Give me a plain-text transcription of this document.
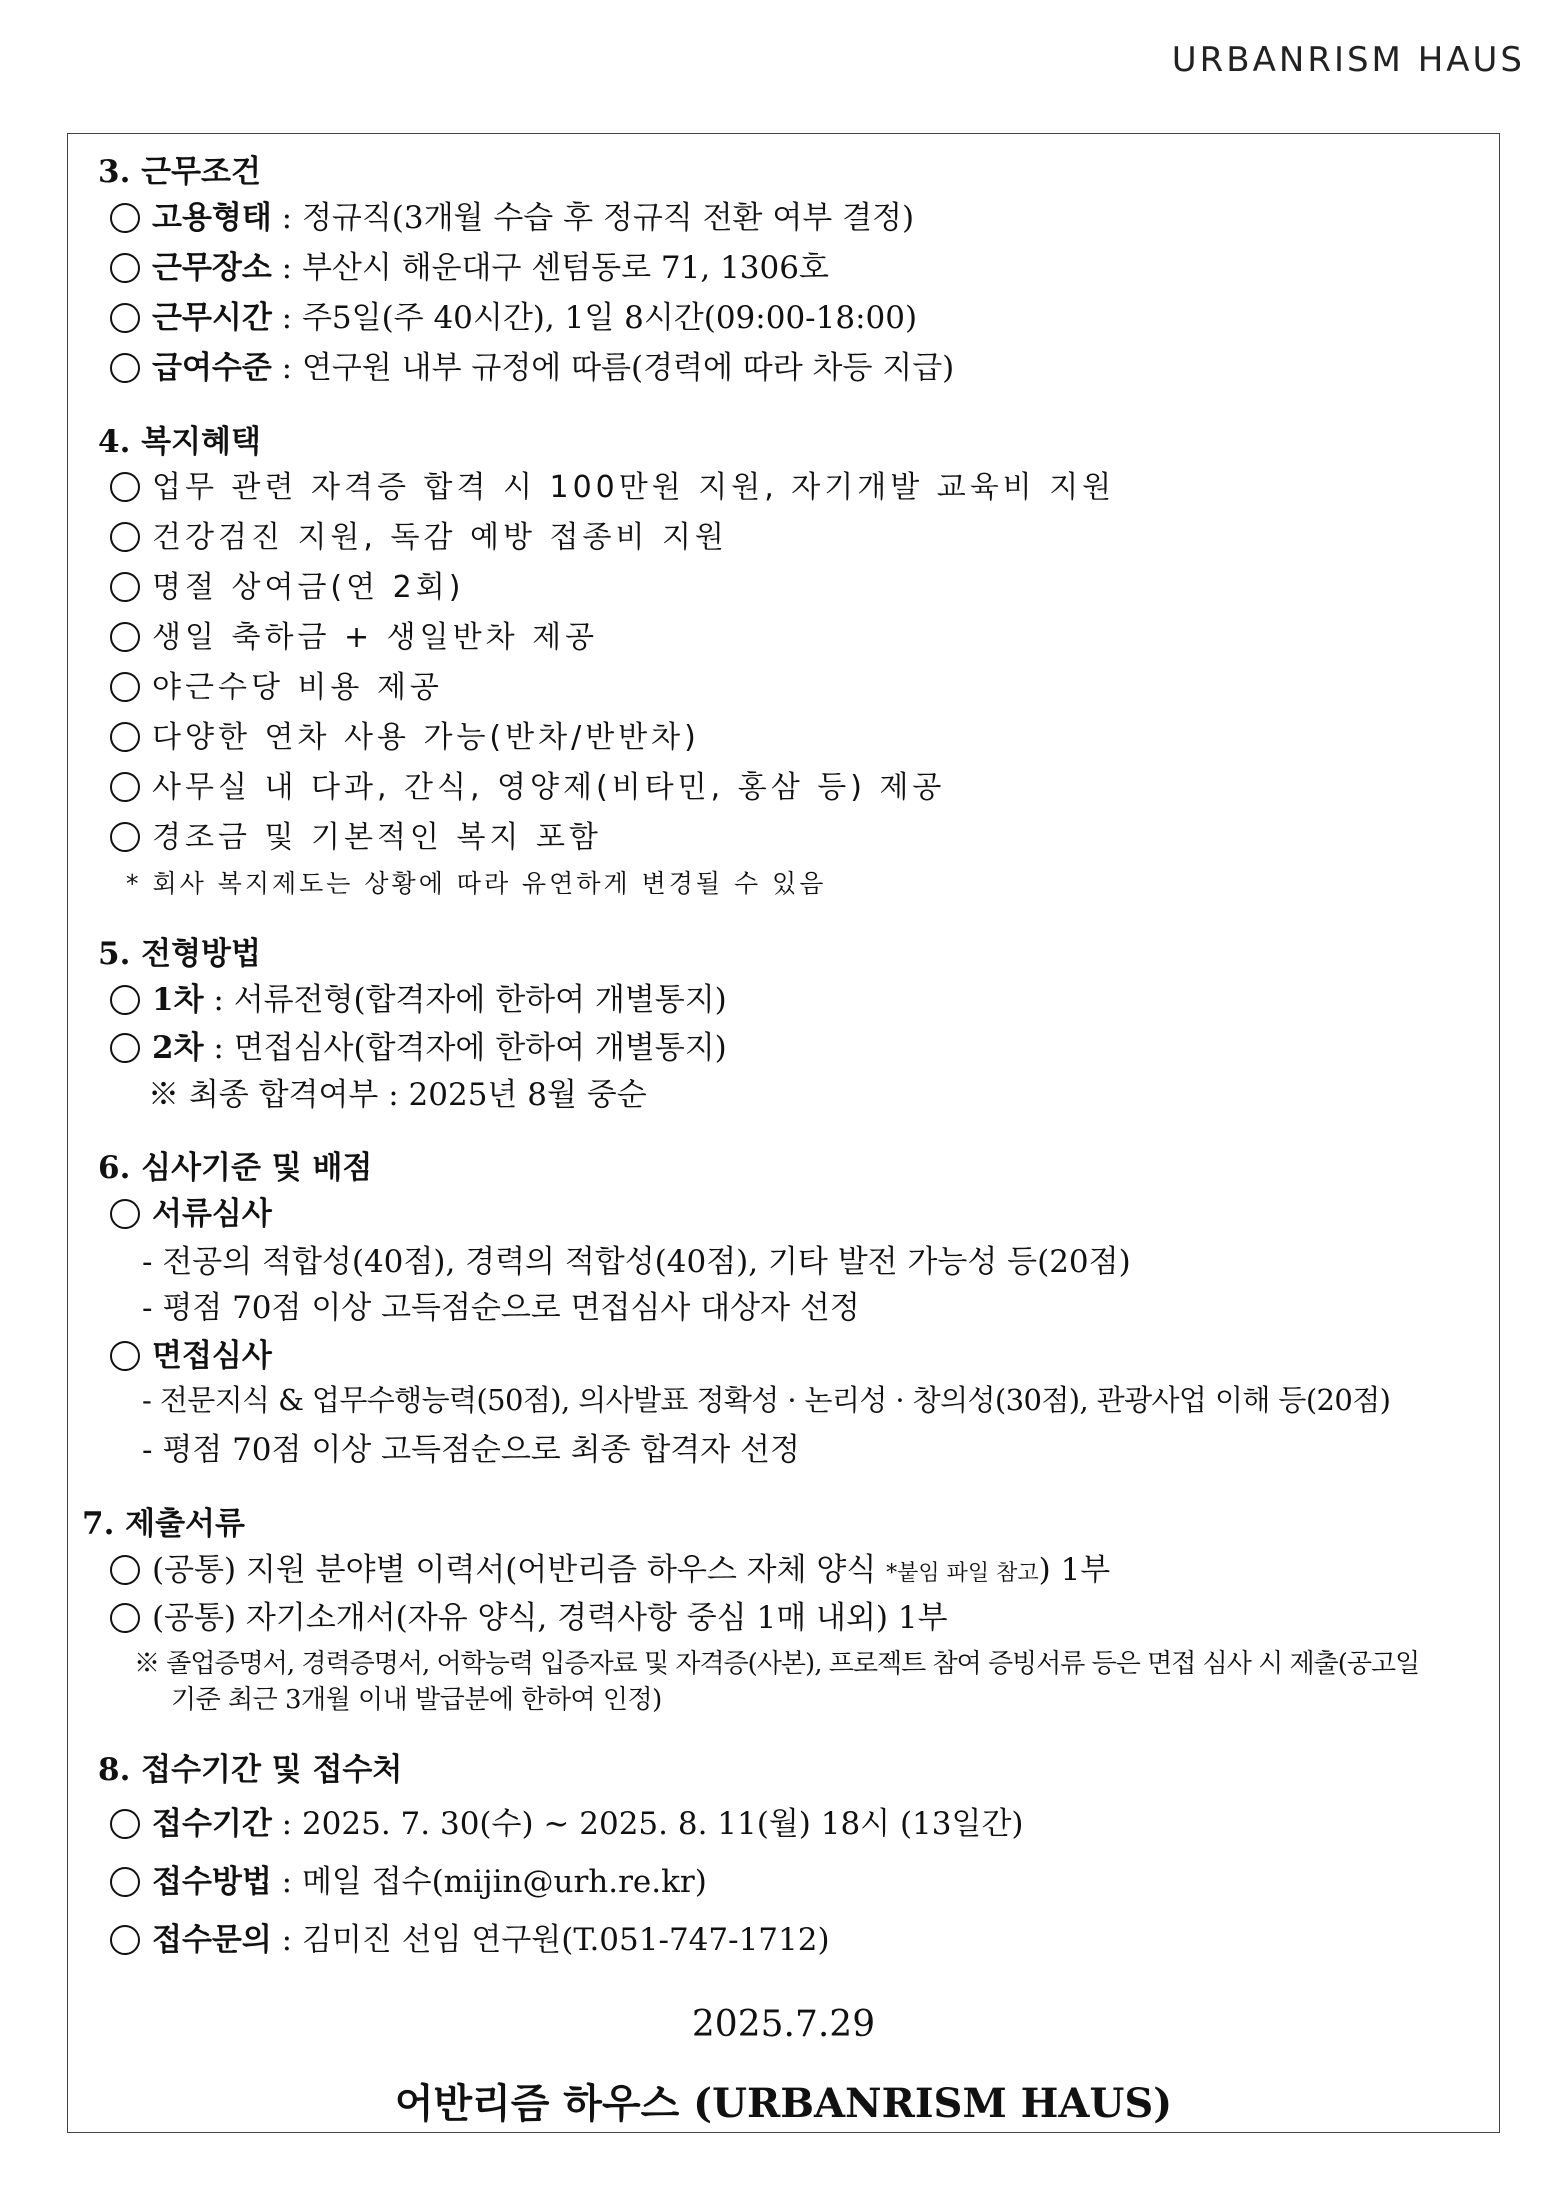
URBANRISM HAUS
3. 근무조건
고용형태 : 정규직(3개월 수습 후 정규직 전환 여부 결정)
근무장소 : 부산시 해운대구 센텀동로 71, 1306호
근무시간 : 주5일(주 40시간), 1일 8시간(09:00-18:00)
급여수준 : 연구원 내부 규정에 따름(경력에 따라 차등 지급)
4. 복지혜택
업무 관련 자격증 합격 시 100만원 지원, 자기개발 교육비 지원
건강검진 지원, 독감 예방 접종비 지원
명절 상여금(연 2회)
생일 축하금 + 생일반차 제공
야근수당 비용 제공
다양한 연차 사용 가능(반차/반반차)
사무실 내 다과, 간식, 영양제(비타민, 홍삼 등) 제공
경조금 및 기본적인 복지 포함
* 회사 복지제도는 상황에 따라 유연하게 변경될 수 있음
5. 전형방법
1차 : 서류전형(합격자에 한하여 개별통지)
2차 : 면접심사(합격자에 한하여 개별통지)
※ 최종 합격여부 : 2025년 8월 중순
6. 심사기준 및 배점
서류심사
- 전공의 적합성(40점), 경력의 적합성(40점), 기타 발전 가능성 등(20점)
- 평점 70점 이상 고득점순으로 면접심사 대상자 선정
면접심사
- 전문지식 & 업무수행능력(50점), 의사발표 정확성 · 논리성 · 창의성(30점), 관광사업 이해 등(20점)
- 평점 70점 이상 고득점순으로 최종 합격자 선정
7. 제출서류
(공통) 지원 분야별 이력서(어반리즘 하우스 자체 양식 *붙임 파일 참고) 1부
(공통) 자기소개서(자유 양식, 경력사항 중심 1매 내외) 1부
※ 졸업증명서, 경력증명서, 어학능력 입증자료 및 자격증(사본), 프로젝트 참여 증빙서류 등은 면접 심사 시 제출(공고일
기준 최근 3개월 이내 발급분에 한하여 인정)
8. 접수기간 및 접수처
접수기간 : 2025. 7. 30(수) ~ 2025. 8. 11(월) 18시 (13일간)
접수방법 : 메일 접수(mijin@urh.re.kr)
접수문의 : 김미진 선임 연구원(T.051-747-1712)
2025.7.29
어반리즘 하우스 (URBANRISM HAUS)
